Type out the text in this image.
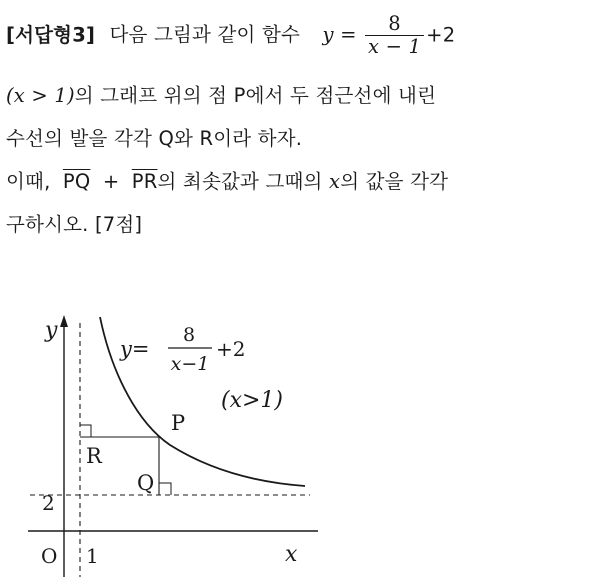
[서답형3] 다음 그림과 같이 함수 $y = \frac{8}{x - 1} +2$
(x > 1)의 그래프 위의 점 P에서 두 점근선에 내린
수선의 발을 각각 Q와 R이라 하자.
이때, $\overline{PQ} + \overline{PR}$의 최솟값과 그때의 x의 값을 각각
구하시오. [7점]
y
x
O 1
2
R
Q
P
y=
8
x−1
+2
(x>1)
